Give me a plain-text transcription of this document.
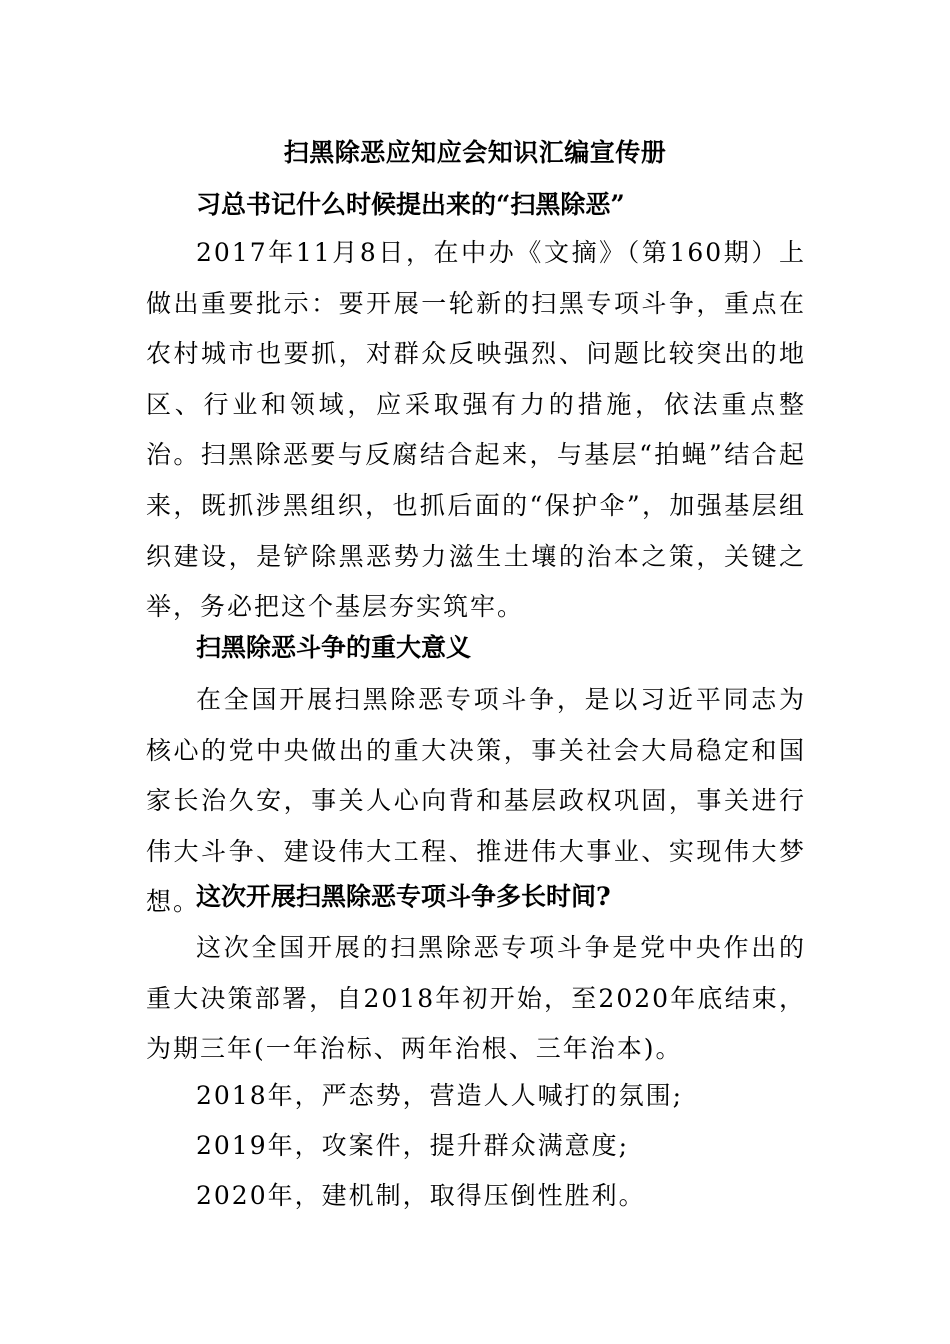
扫黑除恶应知应会知识汇编宣传册
习总书记什么时候提出来的“扫黑除恶”
2017年11月8日，在中办《文摘》（第160期）上做出重要批示：要开展一轮新的扫黑专项斗争，重点在农村城市也要抓，对群众反映强烈、问题比较突出的地区、行业和领域，应采取强有力的措施，依法重点整治。扫黑除恶要与反腐结合起来，与基层“拍蝇”结合起来，既抓涉黑组织，也抓后面的“保护伞”，加强基层组织建设，是铲除黑恶势力滋生土壤的治本之策，关键之举，务必把这个基层夯实筑牢。
扫黑除恶斗争的重大意义
在全国开展扫黑除恶专项斗争，是以习近平同志为核心的党中央做出的重大决策，事关社会大局稳定和国家长治久安，事关人心向背和基层政权巩固，事关进行伟大斗争、建设伟大工程、推进伟大事业、实现伟大梦想。
这次开展扫黑除恶专项斗争多长时间?
这次全国开展的扫黑除恶专项斗争是党中央作出的重大决策部署，自2018年初开始，至2020年底结束，为期三年(一年治标、两年治根、三年治本)。
2018年，严态势，营造人人喊打的氛围;
2019年，攻案件，提升群众满意度;
2020年，建机制，取得压倒性胜利。
